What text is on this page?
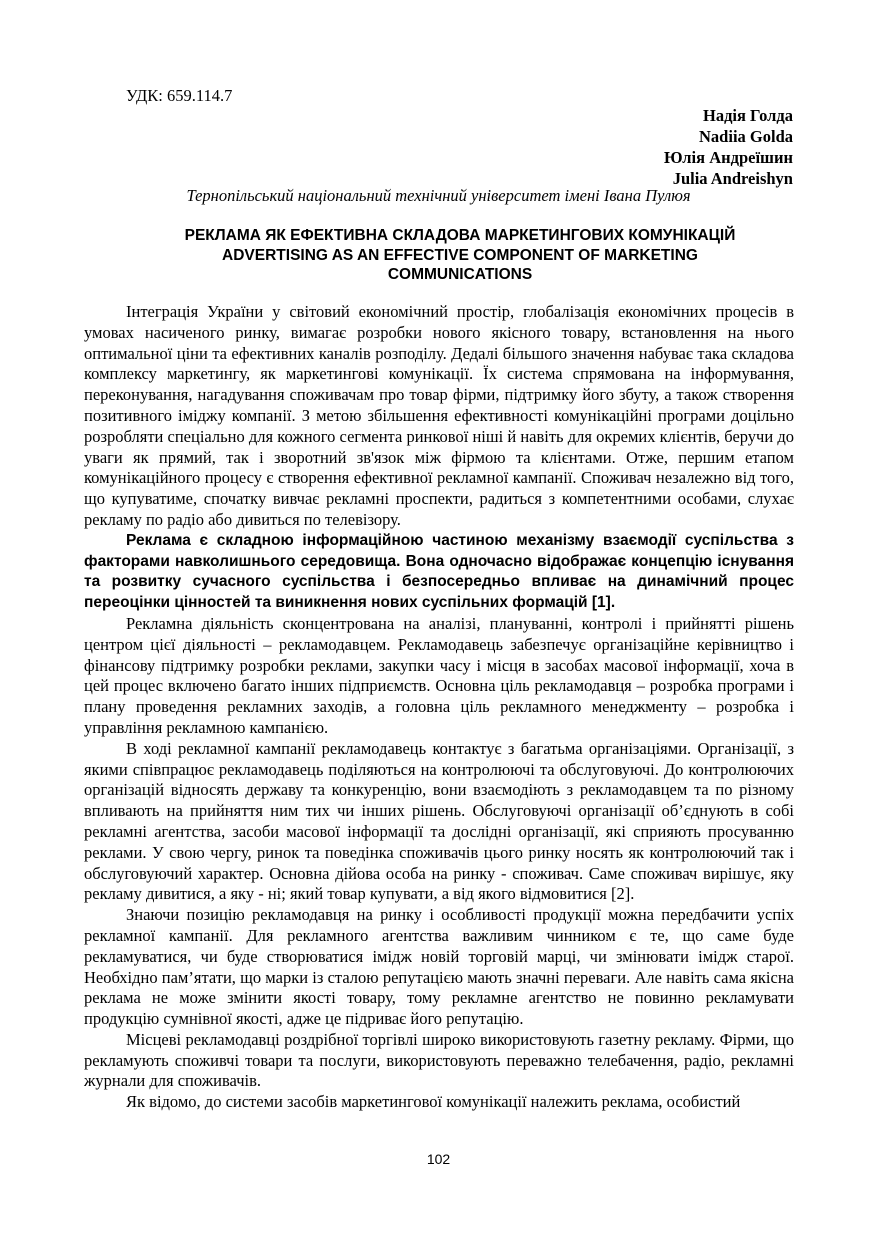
УДК: 659.114.7
Надія Голда
Nadiia Golda
Юлія Андреїшин
Julia Andreishyn
Тернопільський національний технічний університет імені Івана Пулюя
РЕКЛАМА ЯК ЕФЕКТИВНА СКЛАДОВА МАРКЕТИНГОВИХ КОМУНІКАЦІЙ
ADVERTISING AS AN EFFECTIVE COMPONENT OF MARKETING
COMMUNICATIONS

Інтеграція України у світовий економічний простір, глобалізація економічних процесів в умовах насиченого ринку, вимагає розробки нового якісного товару, встановлення на нього оптимальної ціни та ефективних каналів розподілу. Дедалі більшого значення набуває така складова комплексу маркетингу, як маркетингові комунікації. Їх система спрямована на інформування, переконування, нагадування споживачам про товар фірми, підтримку його збуту, а також створення позитивного іміджу компанії. З метою збільшення ефективності комунікаційні програми доцільно розробляти спеціально для кожного сегмента ринкової ніші й навіть для окремих клієнтів, беручи до уваги як прямий, так і зворотний зв'язок між фірмою та клієнтами. Отже, першим етапом комунікаційного процесу є створення ефективної рекламної кампанії. Споживач незалежно від того, що купуватиме, спочатку вивчає рекламні проспекти, радиться з компетентними особами, слухає рекламу по радіо або дивиться по телевізору.

Реклама є складною інформаційною частиною механізму взаємодії суспільства з факторами навколишнього середовища. Вона одночасно відображає концепцію існування та розвитку сучасного суспільства і безпосередньо впливає на динамічний процес переоцінки цінностей та виникнення нових суспільних формацій [1].

Рекламна діяльність сконцентрована на аналізі, плануванні, контролі і прийнятті рішень центром цієї діяльності – рекламодавцем. Рекламодавець забезпечує організаційне керівництво і фінансову підтримку розробки реклами, закупки часу і місця в засобах масової інформації, хоча в цей процес включено багато інших підприємств. Основна ціль рекламодавця – розробка програми і плану проведення рекламних заходів, а головна ціль рекламного менеджменту – розробка і управління рекламною кампанією.

В ході рекламної кампанії рекламодавець контактує з багатьма організаціями. Організації, з якими співпрацює рекламодавець поділяються на контролюючі та обслуговуючі. До контролюючих організацій відносять державу та конкуренцію, вони взаємодіють з рекламодавцем та по різному впливають на прийняття ним тих чи інших рішень. Обслуговуючі організації об’єднують в собі рекламні агентства, засоби масової інформації та дослідні організації, які сприяють просуванню реклами. У свою чергу, ринок та поведінка споживачів цього ринку носять як контролюючий так і обслуговуючий характер. Основна дійова особа на ринку - споживач. Саме споживач вирішує, яку рекламу дивитися, а яку - ні; який товар купувати, а від якого відмовитися [2].

Знаючи позицію рекламодавця на ринку і особливості продукції можна передбачити успіх рекламної кампанії. Для рекламного агентства важливим чинником є те, що саме буде рекламуватися, чи буде створюватися імідж новій торговій марці, чи змінювати імідж старої. Необхідно пам’ятати, що марки із сталою репутацією мають значні переваги. Але навіть сама якісна реклама не може змінити якості товару, тому рекламне агентство не повинно рекламувати продукцію сумнівної якості, адже це підриває його репутацію.

Місцеві рекламодавці роздрібної торгівлі широко використовують газетну рекламу. Фірми, що рекламують споживчі товари та послуги, використовують переважно телебачення, радіо, рекламні журнали для споживачів.

Як відомо, до системи засобів маркетингової комунікації належить реклама, особистий

102
